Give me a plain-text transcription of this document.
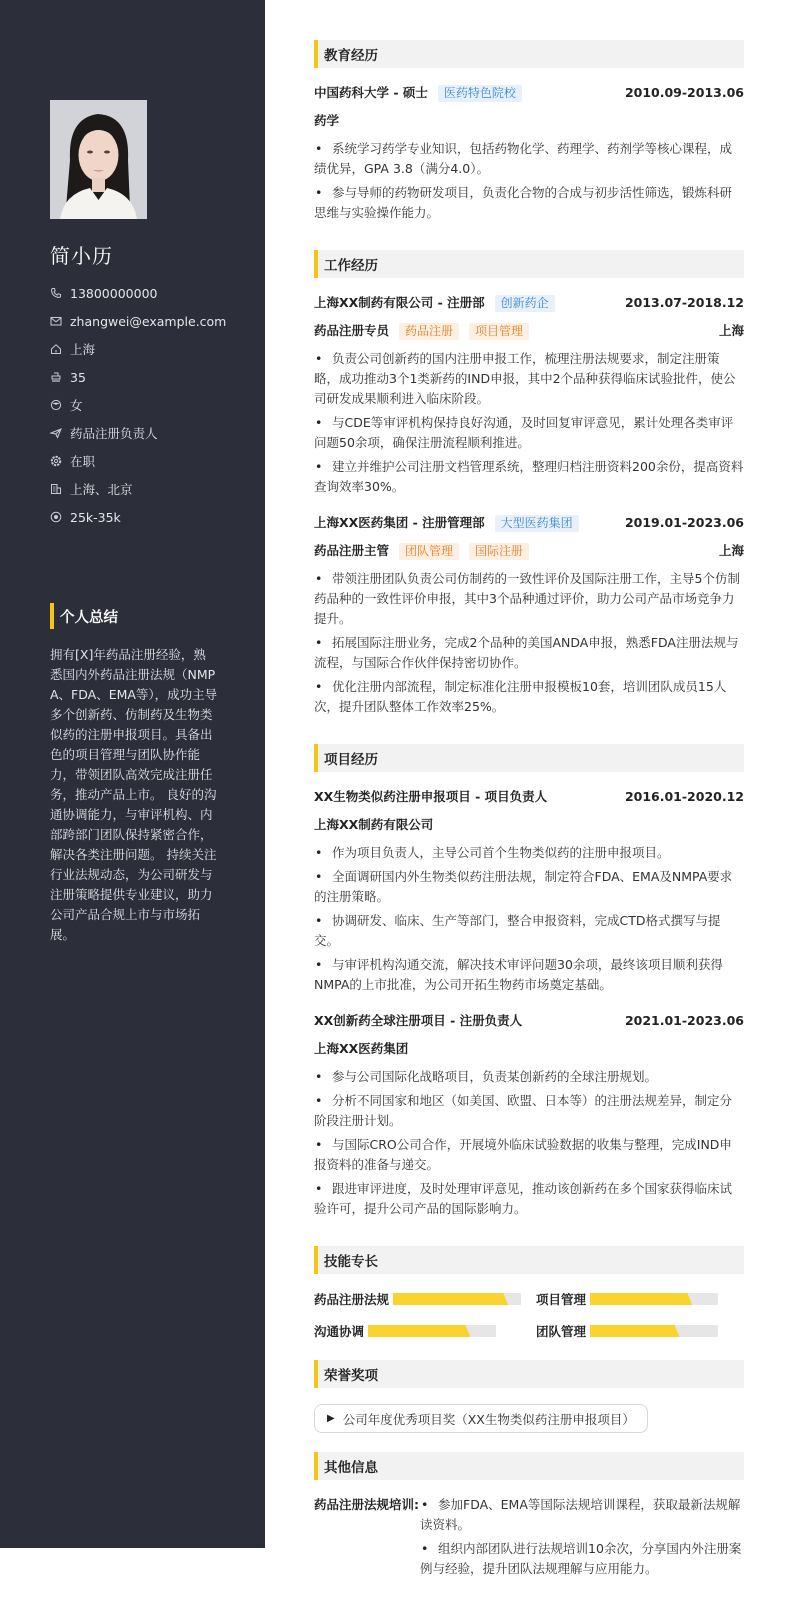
简小历
13800000000
zhangwei@example.com
上海
35
女
药品注册负责人
在职
上海、北京
25k-35k
个人总结
拥有[X]年药品注册经验，熟悉国内外药品注册法规（NMPA、FDA、EMA等），成功主导多个创新药、仿制药及生物类似药的注册申报项目。具备出色的项目管理与团队协作能力，带领团队高效完成注册任务，推动产品上市。 良好的沟通协调能力，与审评机构、内部跨部门团队保持紧密合作，解决各类注册问题。 持续关注行业法规动态，为公司研发与注册策略提供专业建议，助力公司产品合规上市与市场拓展。
教育经历
中国药科大学 - 硕士	医药特色院校	2010.09-2013.06
药学
• 系统学习药学专业知识，包括药物化学、药理学、药剂学等核心课程，成绩优异，GPA 3.8（满分4.0）。
• 参与导师的药物研发项目，负责化合物的合成与初步活性筛选，锻炼科研思维与实验操作能力。
工作经历
上海XX制药有限公司 - 注册部	创新药企	2013.07-2018.12
药品注册专员	药品注册	项目管理	上海
• 负责公司创新药的国内注册申报工作，梳理注册法规要求，制定注册策略，成功推动3个1类新药的IND申报，其中2个品种获得临床试验批件，使公司研发成果顺利进入临床阶段。
• 与CDE等审评机构保持良好沟通，及时回复审评意见，累计处理各类审评问题50余项，确保注册流程顺利推进。
• 建立并维护公司注册文档管理系统，整理归档注册资料200余份，提高资料查询效率30%。
上海XX医药集团 - 注册管理部	大型医药集团	2019.01-2023.06
药品注册主管	团队管理	国际注册	上海
• 带领注册团队负责公司仿制药的一致性评价及国际注册工作，主导5个仿制药品种的一致性评价申报，其中3个品种通过评价，助力公司产品市场竞争力提升。
• 拓展国际注册业务，完成2个品种的美国ANDA申报，熟悉FDA注册法规与流程，与国际合作伙伴保持密切协作。
• 优化注册内部流程，制定标准化注册申报模板10套，培训团队成员15人次，提升团队整体工作效率25%。
项目经历
XX生物类似药注册申报项目 - 项目负责人	2016.01-2020.12
上海XX制药有限公司
• 作为项目负责人，主导公司首个生物类似药的注册申报项目。
• 全面调研国内外生物类似药注册法规，制定符合FDA、EMA及NMPA要求的注册策略。
• 协调研发、临床、生产等部门，整合申报资料，完成CTD格式撰写与提交。
• 与审评机构沟通交流，解决技术审评问题30余项，最终该项目顺利获得NMPA的上市批准，为公司开拓生物药市场奠定基础。
XX创新药全球注册项目 - 注册负责人	2021.01-2023.06
上海XX医药集团
• 参与公司国际化战略项目，负责某创新药的全球注册规划。
• 分析不同国家和地区（如美国、欧盟、日本等）的注册法规差异，制定分阶段注册计划。
• 与国际CRO公司合作，开展境外临床试验数据的收集与整理，完成IND申报资料的准备与递交。
• 跟进审评进度，及时处理审评意见，推动该创新药在多个国家获得临床试验许可，提升公司产品的国际影响力。
技能专长
药品注册法规	项目管理
沟通协调	团队管理
荣誉奖项
▶ 公司年度优秀项目奖（XX生物类似药注册申报项目）
其他信息
药品注册法规培训: • 参加FDA、EMA等国际法规培训课程，获取最新法规解读资料。
• 组织内部团队进行法规培训10余次，分享国内外注册案例与经验，提升团队法规理解与应用能力。
